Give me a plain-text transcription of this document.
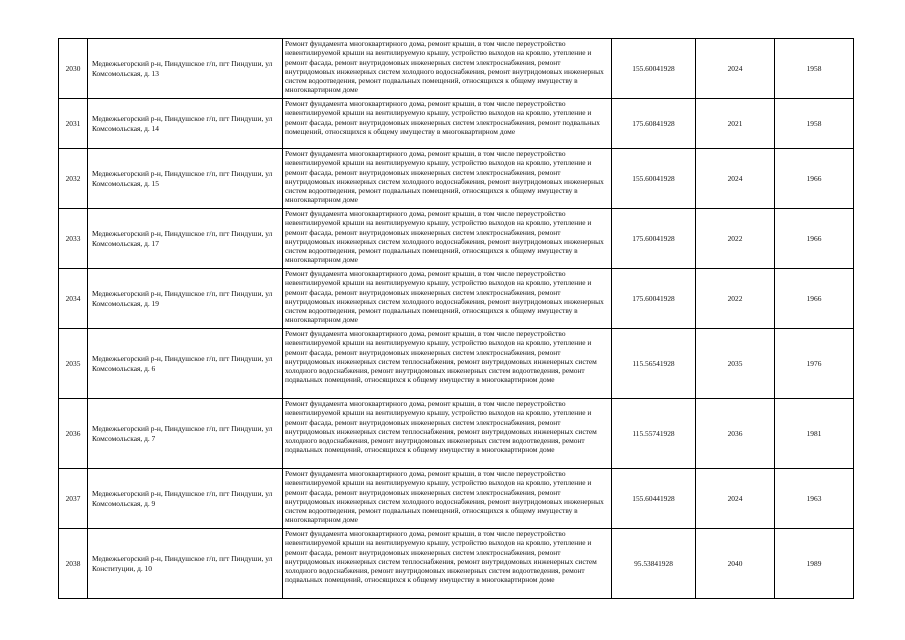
2030	Медвежьегорский р-н, Пиндушское г/п, пгт Пиндуши, ул Комсомольская, д. 13	Ремонт фундамента многоквартирного дома, ремонт крыши, в том числе переустройство невентилируемой крыши на вентилируемую крышу, устройство выходов на кровлю, утепление и ремонт фасада, ремонт внутридомовых инженерных систем электроснабжения, ремонт внутридомовых инженерных систем холодного водоснабжения, ремонт внутридомовых инженерных систем водоотведения, ремонт подвальных помещений, относящихся к общему имуществу в многоквартирном доме	155.60041928	2024	1958
2031	Медвежьегорский р-н, Пиндушское г/п, пгт Пиндуши, ул Комсомольская, д. 14	Ремонт фундамента многоквартирного дома, ремонт крыши, в том числе переустройство невентилируемой крыши на вентилируемую крышу, устройство выходов на кровлю, утепление и ремонт фасада, ремонт внутридомовых инженерных систем электроснабжения, ремонт подвальных помещений, относящихся к общему имуществу в многоквартирном доме	175.60841928	2021	1958
2032	Медвежьегорский р-н, Пиндушское г/п, пгт Пиндуши, ул Комсомольская, д. 15	Ремонт фундамента многоквартирного дома, ремонт крыши, в том числе переустройство невентилируемой крыши на вентилируемую крышу, устройство выходов на кровлю, утепление и ремонт фасада, ремонт внутридомовых инженерных систем электроснабжения, ремонт внутридомовых инженерных систем холодного водоснабжения, ремонт внутридомовых инженерных систем водоотведения, ремонт подвальных помещений, относящихся к общему имуществу в многоквартирном доме	155.60041928	2024	1966
2033	Медвежьегорский р-н, Пиндушское г/п, пгт Пиндуши, ул Комсомольская, д. 17	Ремонт фундамента многоквартирного дома, ремонт крыши, в том числе переустройство невентилируемой крыши на вентилируемую крышу, устройство выходов на кровлю, утепление и ремонт фасада, ремонт внутридомовых инженерных систем электроснабжения, ремонт внутридомовых инженерных систем холодного водоснабжения, ремонт внутридомовых инженерных систем водоотведения, ремонт подвальных помещений, относящихся к общему имуществу в многоквартирном доме	175.60041928	2022	1966
2034	Медвежьегорский р-н, Пиндушское г/п, пгт Пиндуши, ул Комсомольская, д. 19	Ремонт фундамента многоквартирного дома, ремонт крыши, в том числе переустройство невентилируемой крыши на вентилируемую крышу, устройство выходов на кровлю, утепление и ремонт фасада, ремонт внутридомовых инженерных систем электроснабжения, ремонт внутридомовых инженерных систем холодного водоснабжения, ремонт внутридомовых инженерных систем водоотведения, ремонт подвальных помещений, относящихся к общему имуществу в многоквартирном доме	175.60041928	2022	1966
2035	Медвежьегорский р-н, Пиндушское г/п, пгт Пиндуши, ул Комсомольская, д. 6	Ремонт фундамента многоквартирного дома, ремонт крыши, в том числе переустройство невентилируемой крыши на вентилируемую крышу, устройство выходов на кровлю, утепление и ремонт фасада, ремонт внутридомовых инженерных систем электроснабжения, ремонт внутридомовых инженерных систем теплоснабжения, ремонт внутридомовых инженерных систем холодного водоснабжения, ремонт внутридомовых инженерных систем водоотведения, ремонт подвальных помещений, относящихся к общему имуществу в многоквартирном доме	115.56541928	2035	1976
2036	Медвежьегорский р-н, Пиндушское г/п, пгт Пиндуши, ул Комсомольская, д. 7	Ремонт фундамента многоквартирного дома, ремонт крыши, в том числе переустройство невентилируемой крыши на вентилируемую крышу, устройство выходов на кровлю, утепление и ремонт фасада, ремонт внутридомовых инженерных систем электроснабжения, ремонт внутридомовых инженерных систем теплоснабжения, ремонт внутридомовых инженерных систем холодного водоснабжения, ремонт внутридомовых инженерных систем водоотведения, ремонт подвальных помещений, относящихся к общему имуществу в многоквартирном доме	115.55741928	2036	1981
2037	Медвежьегорский р-н, Пиндушское г/п, пгт Пиндуши, ул Комсомольская, д. 9	Ремонт фундамента многоквартирного дома, ремонт крыши, в том числе переустройство невентилируемой крыши на вентилируемую крышу, устройство выходов на кровлю, утепление и ремонт фасада, ремонт внутридомовых инженерных систем электроснабжения, ремонт внутридомовых инженерных систем холодного водоснабжения, ремонт внутридомовых инженерных систем водоотведения, ремонт подвальных помещений, относящихся к общему имуществу в многоквартирном доме	155.60441928	2024	1963
2038	Медвежьегорский р-н, Пиндушское г/п, пгт Пиндуши, ул Конституции, д. 10	Ремонт фундамента многоквартирного дома, ремонт крыши, в том числе переустройство невентилируемой крыши на вентилируемую крышу, устройство выходов на кровлю, утепление и ремонт фасада, ремонт внутридомовых инженерных систем электроснабжения, ремонт внутридомовых инженерных систем теплоснабжения, ремонт внутридомовых инженерных систем холодного водоснабжения, ремонт внутридомовых инженерных систем водоотведения, ремонт подвальных помещений, относящихся к общему имуществу в многоквартирном доме	95.53841928	2040	1989
